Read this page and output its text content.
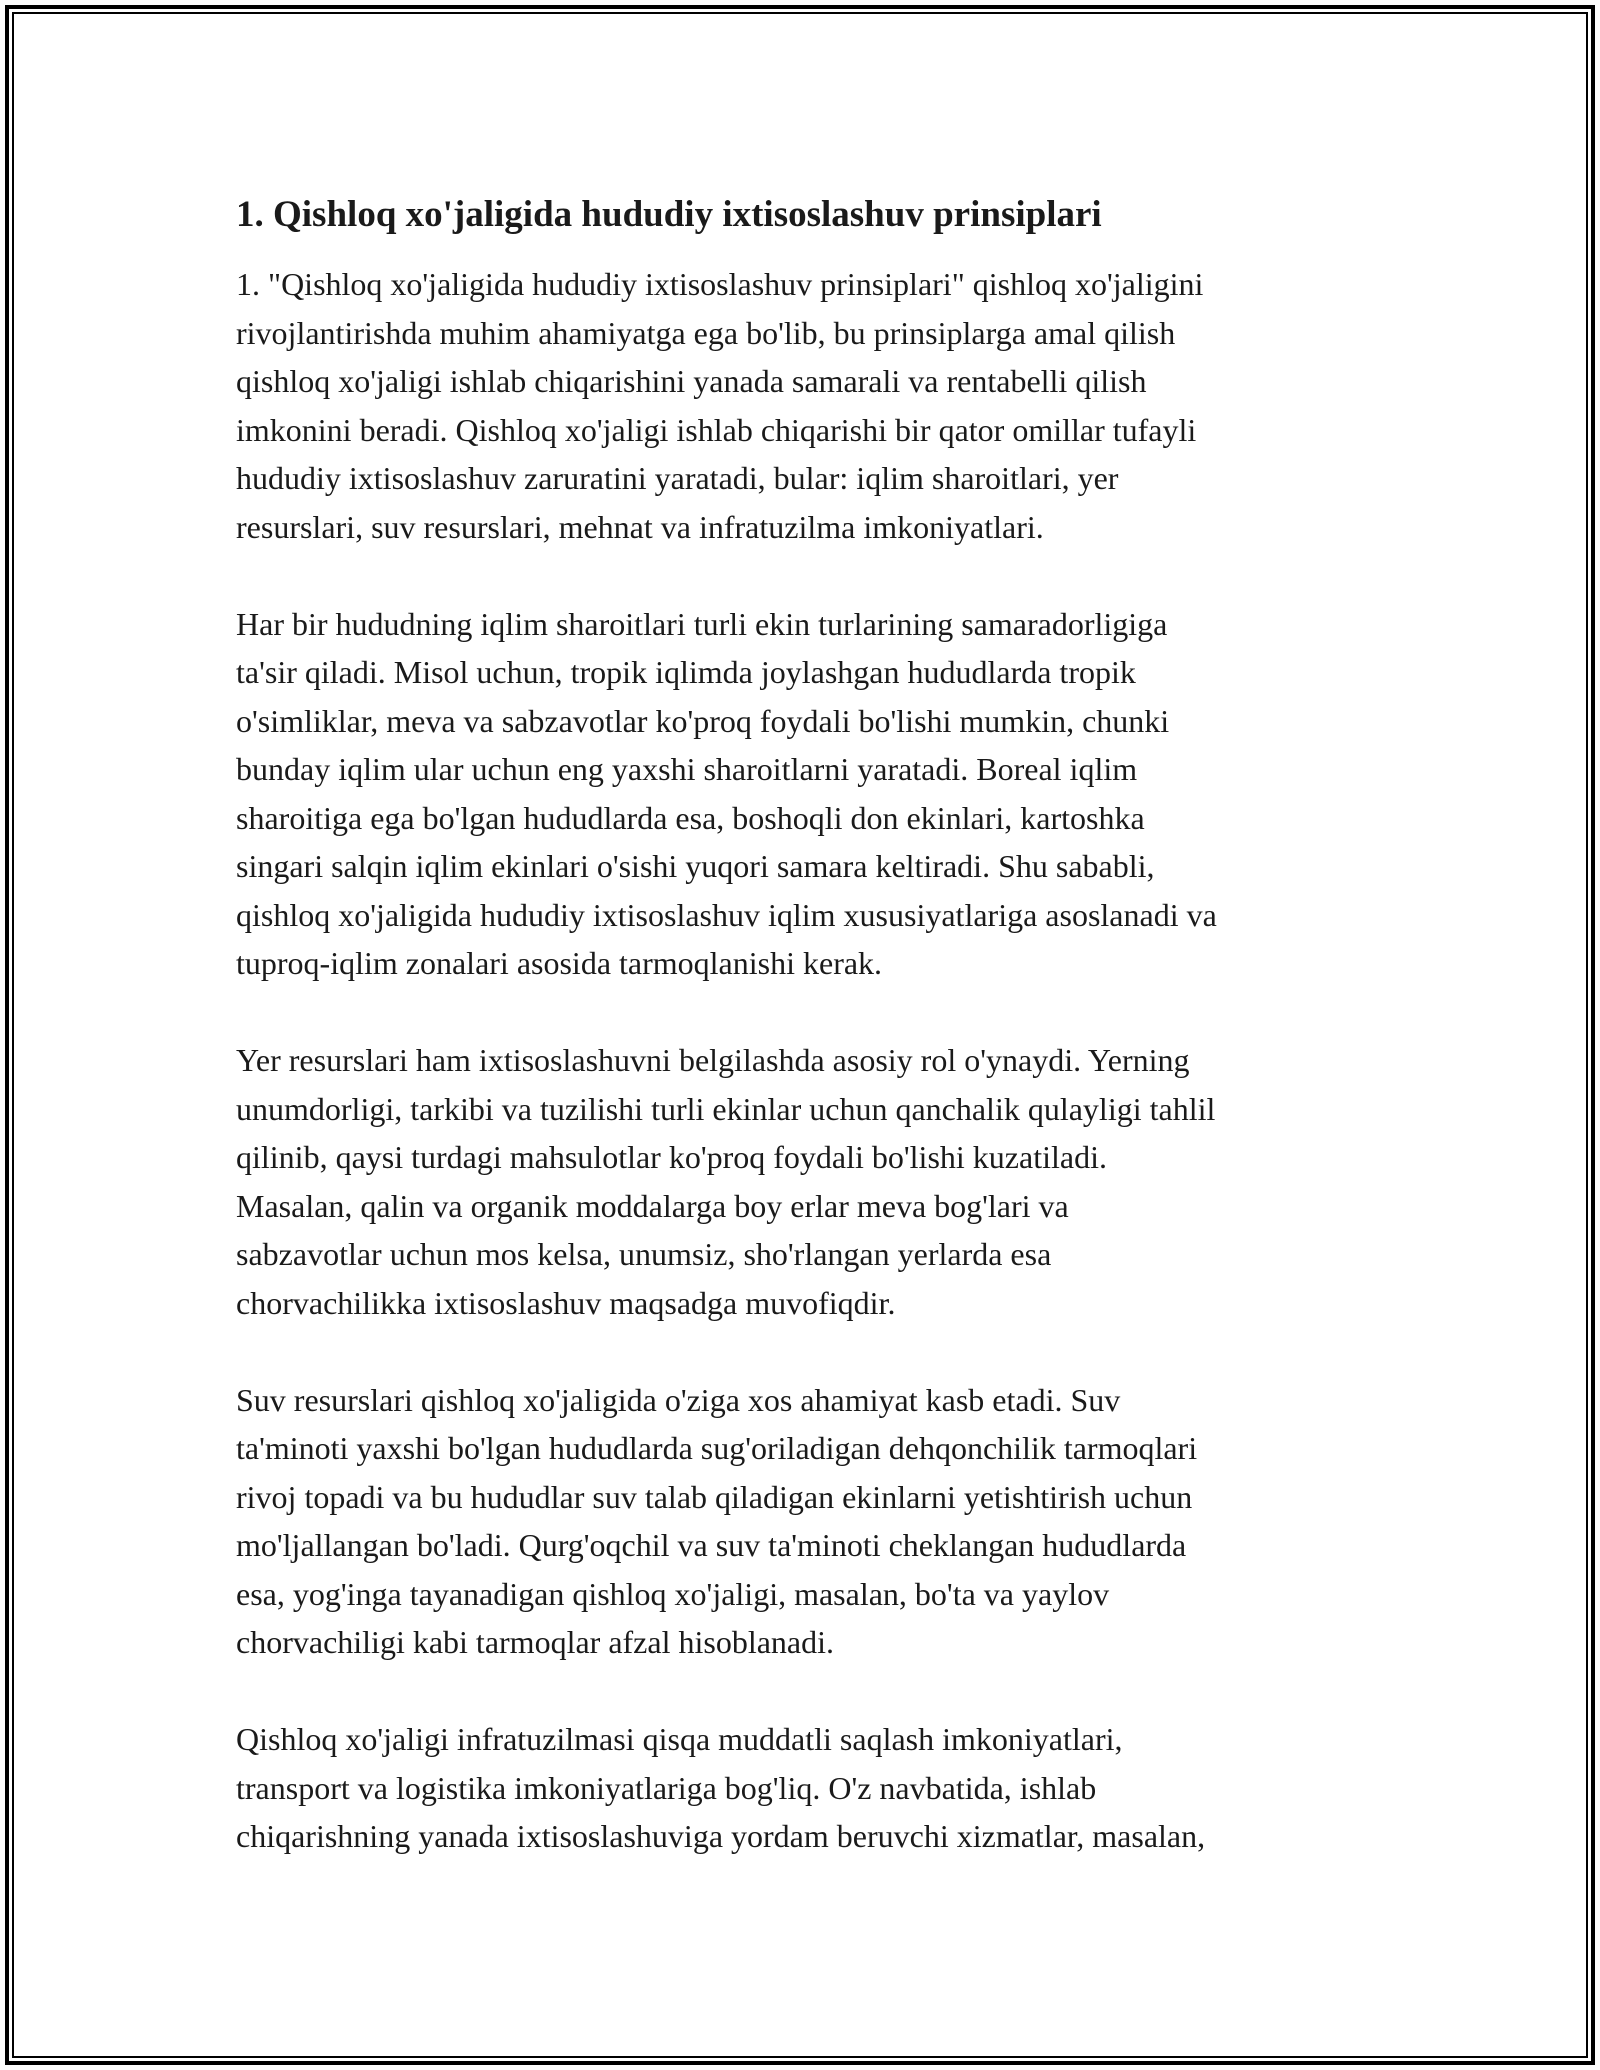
1. Qishloq xo'jaligida hududiy ixtisoslashuv prinsiplari

1. "Qishloq xo'jaligida hududiy ixtisoslashuv prinsiplari" qishloq xo'jaligini
rivojlantirishda muhim ahamiyatga ega bo'lib, bu prinsiplarga amal qilish
qishloq xo'jaligi ishlab chiqarishini yanada samarali va rentabelli qilish
imkonini beradi. Qishloq xo'jaligi ishlab chiqarishi bir qator omillar tufayli
hududiy ixtisoslashuv zaruratini yaratadi, bular: iqlim sharoitlari, yer
resurslari, suv resurslari, mehnat va infratuzilma imkoniyatlari.

Har bir hududning iqlim sharoitlari turli ekin turlarining samaradorligiga
ta'sir qiladi. Misol uchun, tropik iqlimda joylashgan hududlarda tropik
o'simliklar, meva va sabzavotlar ko'proq foydali bo'lishi mumkin, chunki
bunday iqlim ular uchun eng yaxshi sharoitlarni yaratadi. Boreal iqlim
sharoitiga ega bo'lgan hududlarda esa, boshoqli don ekinlari, kartoshka
singari salqin iqlim ekinlari o'sishi yuqori samara keltiradi. Shu sababli,
qishloq xo'jaligida hududiy ixtisoslashuv iqlim xususiyatlariga asoslanadi va
tuproq-iqlim zonalari asosida tarmoqlanishi kerak.

Yer resurslari ham ixtisoslashuvni belgilashda asosiy rol o'ynaydi. Yerning
unumdorligi, tarkibi va tuzilishi turli ekinlar uchun qanchalik qulayligi tahlil
qilinib, qaysi turdagi mahsulotlar ko'proq foydali bo'lishi kuzatiladi.
Masalan, qalin va organik moddalarga boy erlar meva bog'lari va
sabzavotlar uchun mos kelsa, unumsiz, sho'rlangan yerlarda esa
chorvachilikka ixtisoslashuv maqsadga muvofiqdir.

Suv resurslari qishloq xo'jaligida o'ziga xos ahamiyat kasb etadi. Suv
ta'minoti yaxshi bo'lgan hududlarda sug'oriladigan dehqonchilik tarmoqlari
rivoj topadi va bu hududlar suv talab qiladigan ekinlarni yetishtirish uchun
mo'ljallangan bo'ladi. Qurg'oqchil va suv ta'minoti cheklangan hududlarda
esa, yog'inga tayanadigan qishloq xo'jaligi, masalan, bo'ta va yaylov
chorvachiligi kabi tarmoqlar afzal hisoblanadi.

Qishloq xo'jaligi infratuzilmasi qisqa muddatli saqlash imkoniyatlari,
transport va logistika imkoniyatlariga bog'liq. O'z navbatida, ishlab
chiqarishning yanada ixtisoslashuviga yordam beruvchi xizmatlar, masalan,
